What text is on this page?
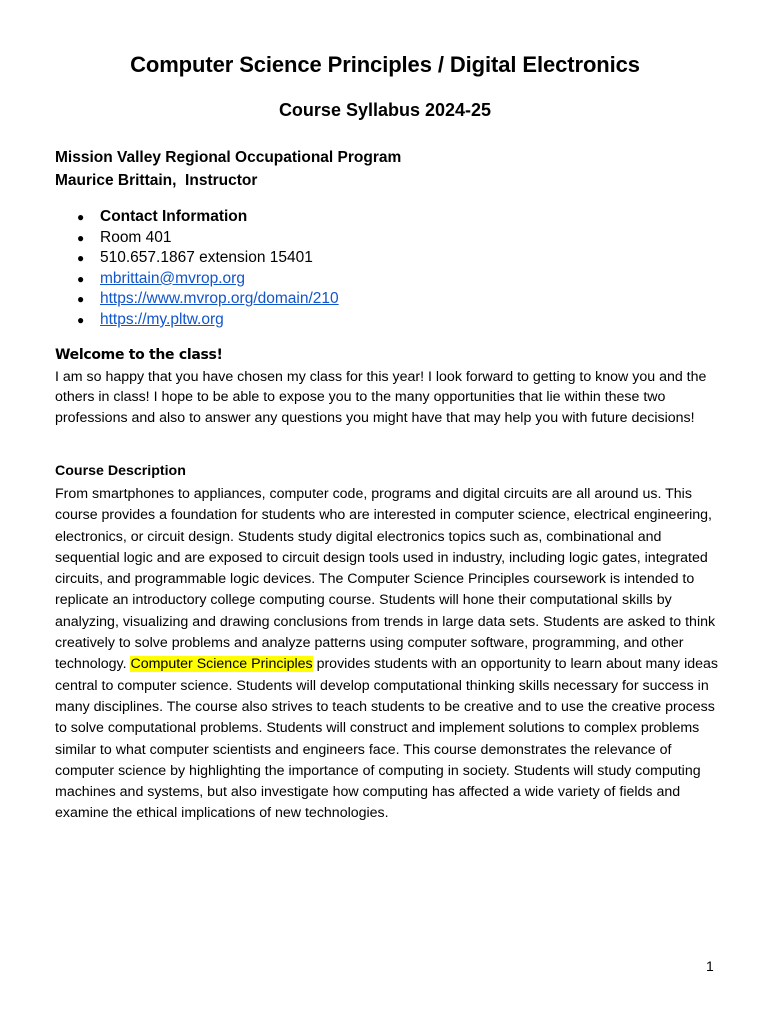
Computer Science Principles / Digital Electronics
Course Syllabus 2024-25
Mission Valley Regional Occupational Program
Maurice Brittain,  Instructor
● Contact Information
● Room 401
● 510.657.1867 extension 15401
● mbrittain@mvrop.org
● https://www.mvrop.org/domain/210
● https://my.pltw.org
Welcome to the class!

I am so happy that you have chosen my class for this year! I look forward to getting to know you and the others in class! I hope to be able to expose you to the many opportunities that lie within these two professions and also to answer any questions you might have that may help you with future decisions!

Course Description

From smartphones to appliances, computer code, programs and digital circuits are all around us. This course provides a foundation for students who are interested in computer science, electrical engineering, electronics, or circuit design. Students study digital electronics topics such as, combinational and sequential logic and are exposed to circuit design tools used in industry, including logic gates, integrated circuits, and programmable logic devices. The Computer Science Principles coursework is intended to replicate an introductory college computing course. Students will hone their computational skills by analyzing, visualizing and drawing conclusions from trends in large data sets. Students are asked to think creatively to solve problems and analyze patterns using computer software, programming, and other technology. Computer Science Principles provides students with an opportunity to learn about many ideas central to computer science. Students will develop computational thinking skills necessary for success in many disciplines. The course also strives to teach students to be creative and to use the creative process to solve computational problems. Students will construct and implement solutions to complex problems similar to what computer scientists and engineers face. This course demonstrates the relevance of computer science by highlighting the importance of computing in society. Students will study computing machines and systems, but also investigate how computing has affected a wide variety of fields and examine the ethical implications of new technologies.

1
